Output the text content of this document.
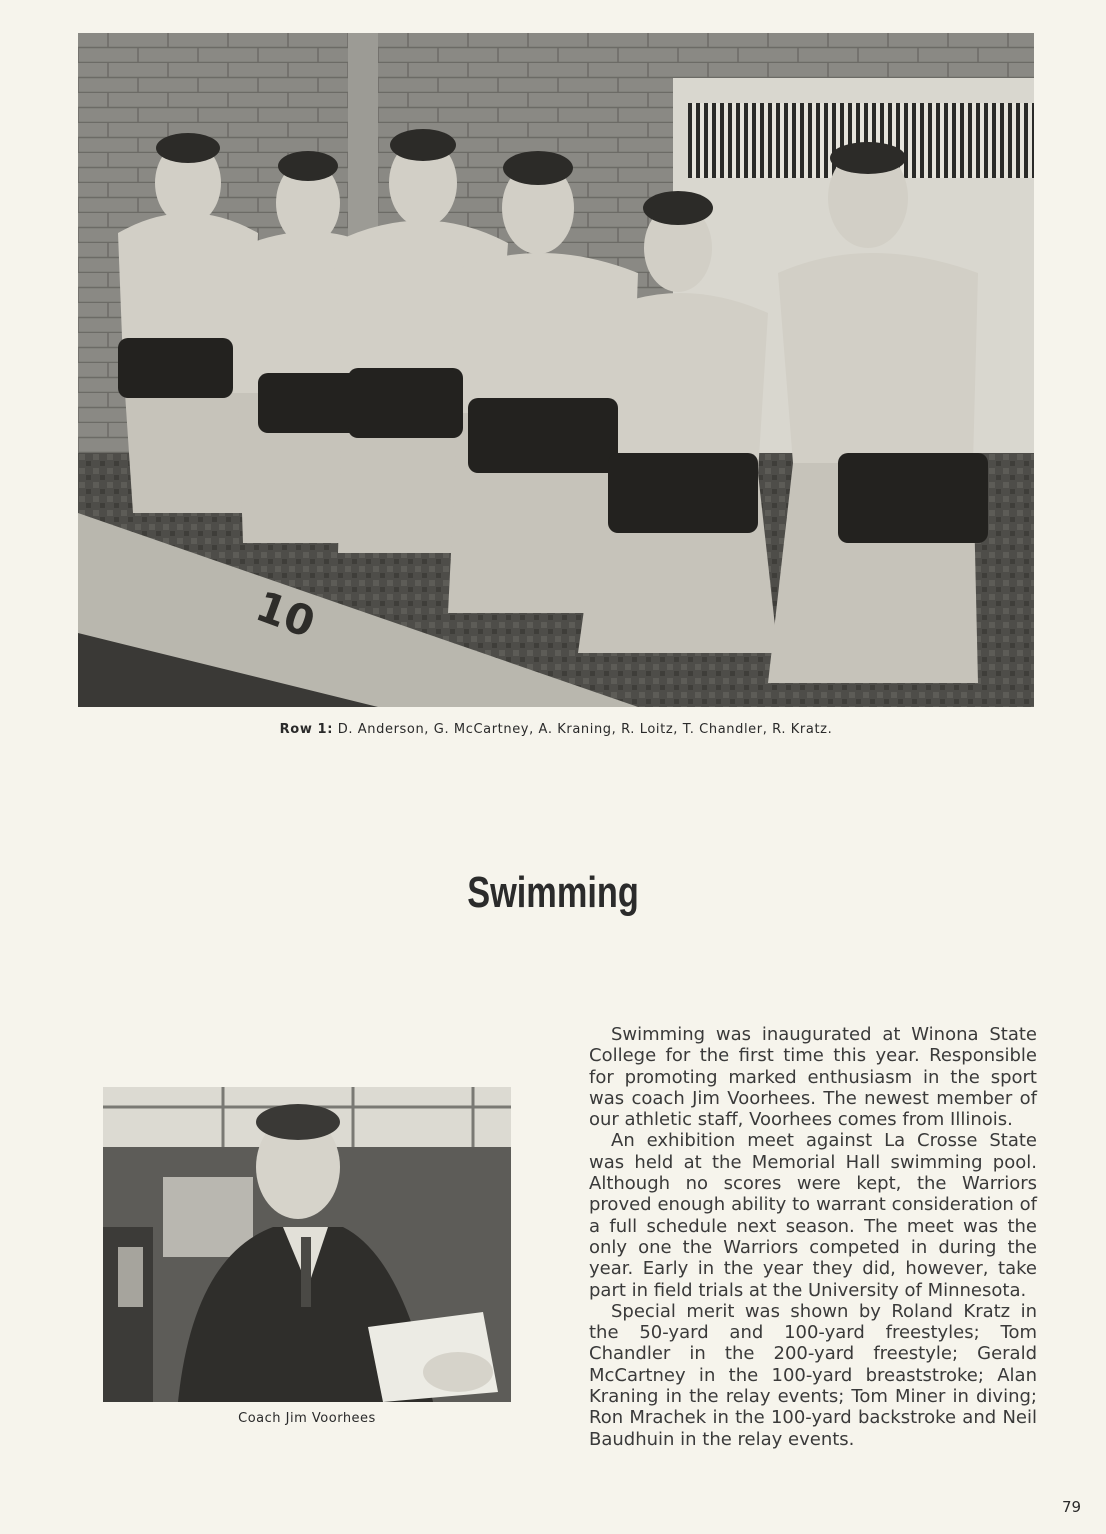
10
Row 1: D. Anderson, G. McCartney, A. Kraning, R. Loitz, T. Chandler, R. Kratz.
Swimming
Coach Jim Voorhees

Swimming was inaugurated at Winona State College for the first time this year. Responsible for promoting marked enthusiasm in the sport was coach Jim Voorhees. The newest member of our athletic staff, Voorhees comes from Illinois.

An exhibition meet against La Crosse State was held at the Memorial Hall swimming pool. Although no scores were kept, the Warriors proved enough ability to warrant consideration of a full schedule next season. The meet was the only one the Warriors competed in during the year. Early in the year they did, however, take part in field trials at the University of Minnesota.

Special merit was shown by Roland Kratz in the 50-yard and 100-yard freestyles; Tom Chandler in the 200-yard freestyle; Gerald McCartney in the 100-yard breaststroke; Alan Kraning in the relay events; Tom Miner in diving; Ron Mrachek in the 100-yard backstroke and Neil Baudhuin in the relay events.

79
